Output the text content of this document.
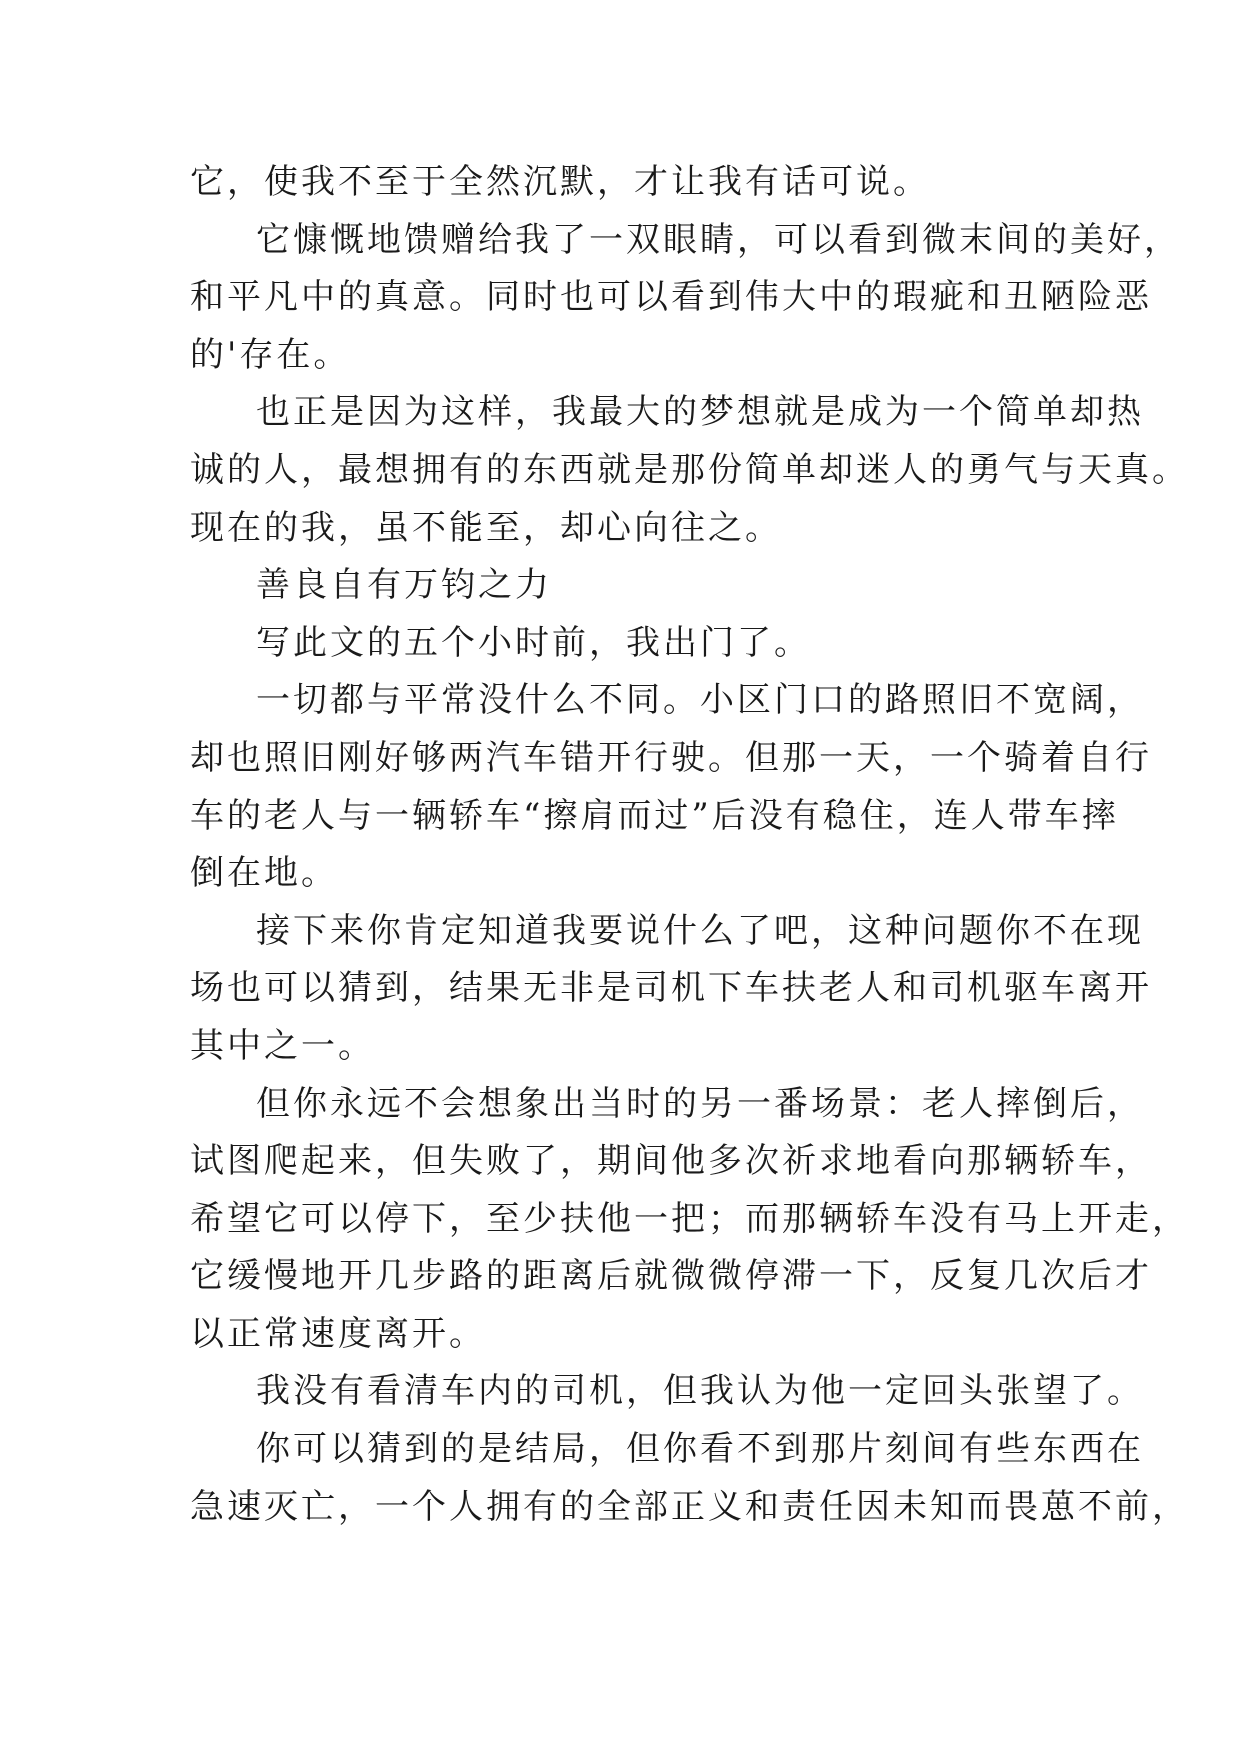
它，使我不至于全然沉默，才让我有话可说。
它慷慨地馈赠给我了一双眼睛，可以看到微末间的美好，
和平凡中的真意。同时也可以看到伟大中的瑕疵和丑陋险恶
的'存在。
也正是因为这样，我最大的梦想就是成为一个简单却热
诚的人，最想拥有的东西就是那份简单却迷人的勇气与天真。
现在的我，虽不能至，却心向往之。
善良自有万钧之力
写此文的五个小时前，我出门了。
一切都与平常没什么不同。小区门口的路照旧不宽阔，
却也照旧刚好够两汽车错开行驶。但那一天，一个骑着自行
车的老人与一辆轿车“擦肩而过”后没有稳住，连人带车摔
倒在地。
接下来你肯定知道我要说什么了吧，这种问题你不在现
场也可以猜到，结果无非是司机下车扶老人和司机驱车离开
其中之一。
但你永远不会想象出当时的另一番场景：老人摔倒后，
试图爬起来，但失败了，期间他多次祈求地看向那辆轿车，
希望它可以停下，至少扶他一把；而那辆轿车没有马上开走，
它缓慢地开几步路的距离后就微微停滞一下，反复几次后才
以正常速度离开。
我没有看清车内的司机，但我认为他一定回头张望了。
你可以猜到的是结局，但你看不到那片刻间有些东西在
急速灭亡，一个人拥有的全部正义和责任因未知而畏葸不前，
